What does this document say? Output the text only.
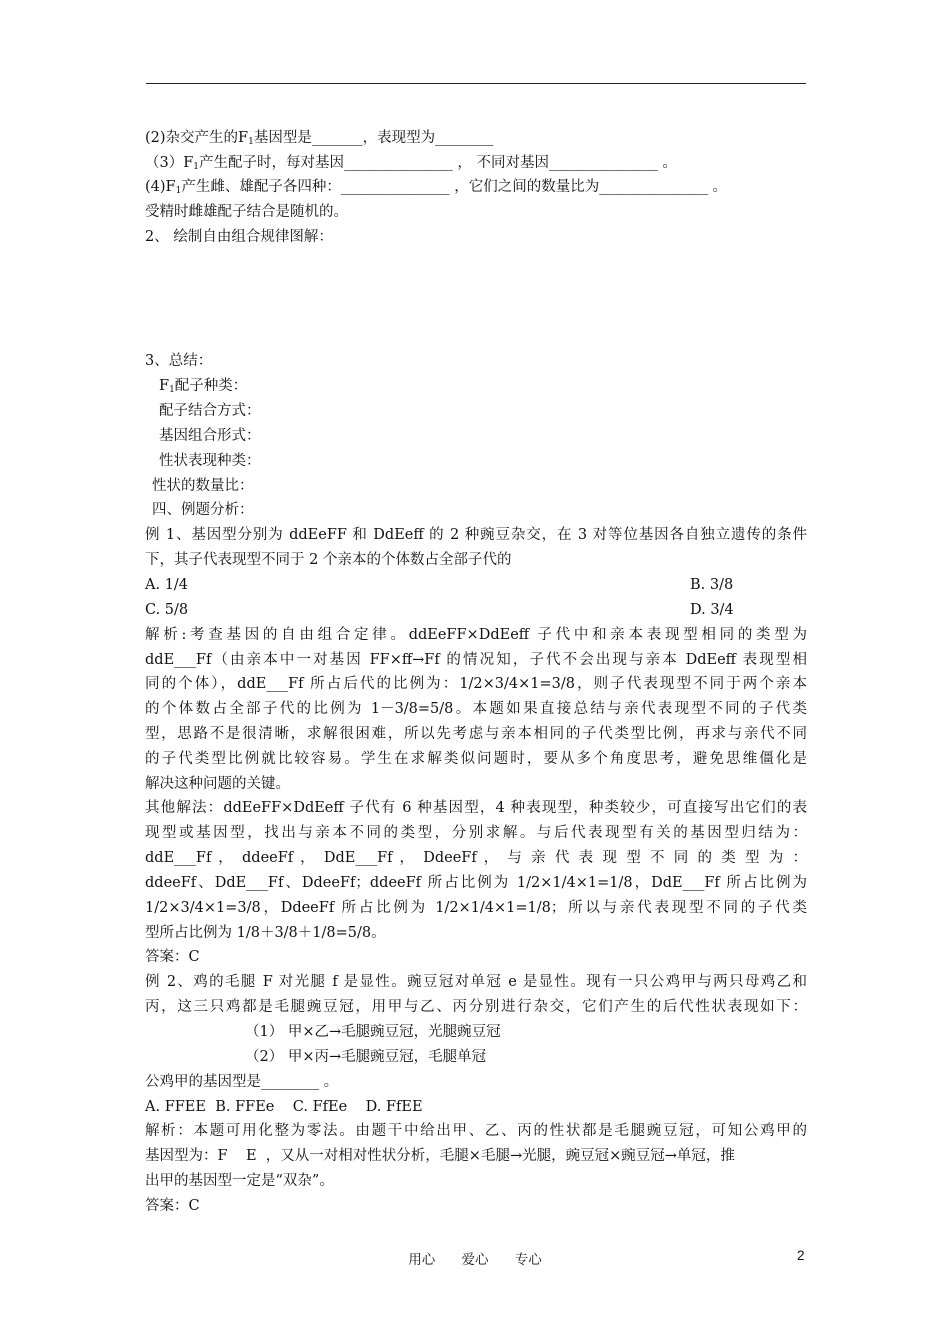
(2)杂交产生的$F_1$基因型是_______，表现型为________
$(3)F_1$产生配子时，每对基因_______________ ， 不同对基因_______________ 。
$(4)F_1$产生雌、雄配子各四种：_______________ ，它们之间的数量比为_______________ 。
受精时雌雄配子结合是随机的。
2、 绘制自由组合规律图解：
3、总结：
$F_1$配子种类：
配子结合方式：
基因组合形式：
性状表现种类：
性状的数量比：
四、例题分析：
例 1、基因型分别为 ddEeFF 和 DdEeff 的 2 种豌豆杂交，在 3 对等位基因各自独立遗传的条件
下，其子代表现型不同于 2 个亲本的个体数占全部子代的
A. 1/4	B. 3/8
C. 5/8	D. 3/4
解析:考查基因的自由组合定律。ddEeFF×DdEeff 子代中和亲本表现型相同的类型为
ddE___Ff（由亲本中一对基因 FF×ff→Ff 的情况知，子代不会出现与亲本 DdEeff 表现型相
同的个体），ddE___Ff 所占后代的比例为：1/2×3/4×1=3/8，则子代表现型不同于两个亲本
的个体数占全部子代的比例为 1－3/8=5/8。本题如果直接总结与亲代表现型不同的子代类
型，思路不是很清晰，求解很困难，所以先考虑与亲本相同的子代类型比例，再求与亲代不同
的子代类型比例就比较容易。学生在求解类似问题时，要从多个角度思考，避免思维僵化是
解决这种问题的关键。
其他解法：ddEeFF×DdEeff 子代有 6 种基因型，4 种表现型，种类较少，可直接写出它们的表
现型或基因型，找出与亲本不同的类型，分别求解。与后代表现型有关的基因型归结为：
ddE___Ff ， ddeeFf ， DdE___Ff ， DdeeFf ， 与 亲 代 表 现 型 不 同 的 类 型 为 ：
ddeeFf、DdE___Ff、DdeeFf；ddeeFf 所占比例为 1/2×1/4×1=1/8，DdE___Ff 所占比例为
1/2×3/4×1=3/8，DdeeFf 所占比例为 1/2×1/4×1=1/8；所以与亲代表现型不同的子代类
型所占比例为 1/8＋3/8＋1/8=5/8。
答案：C
例 2、鸡的毛腿 F 对光腿 f 是显性。豌豆冠对单冠 e 是显性。现有一只公鸡甲与两只母鸡乙和
丙，这三只鸡都是毛腿豌豆冠，用甲与乙、丙分别进行杂交，它们产生的后代性状表现如下：
（1） 甲×乙→毛腿豌豆冠，光腿豌豆冠
（2） 甲×丙→毛腿豌豆冠，毛腿单冠
公鸡甲的基因型是________ 。
A. FFEE  B. FFEe    C. FfEe    D. FfEE
解析：本题可用化整为零法。由题干中给出甲、乙、丙的性状都是毛腿豌豆冠，可知公鸡甲的
基因型为：F    E  ，又从一对相对性状分析，毛腿×毛腿→光腿，豌豆冠×豌豆冠→单冠，推
出甲的基因型一定是“双杂”。
答案：C
用心 爱心 专心	2
